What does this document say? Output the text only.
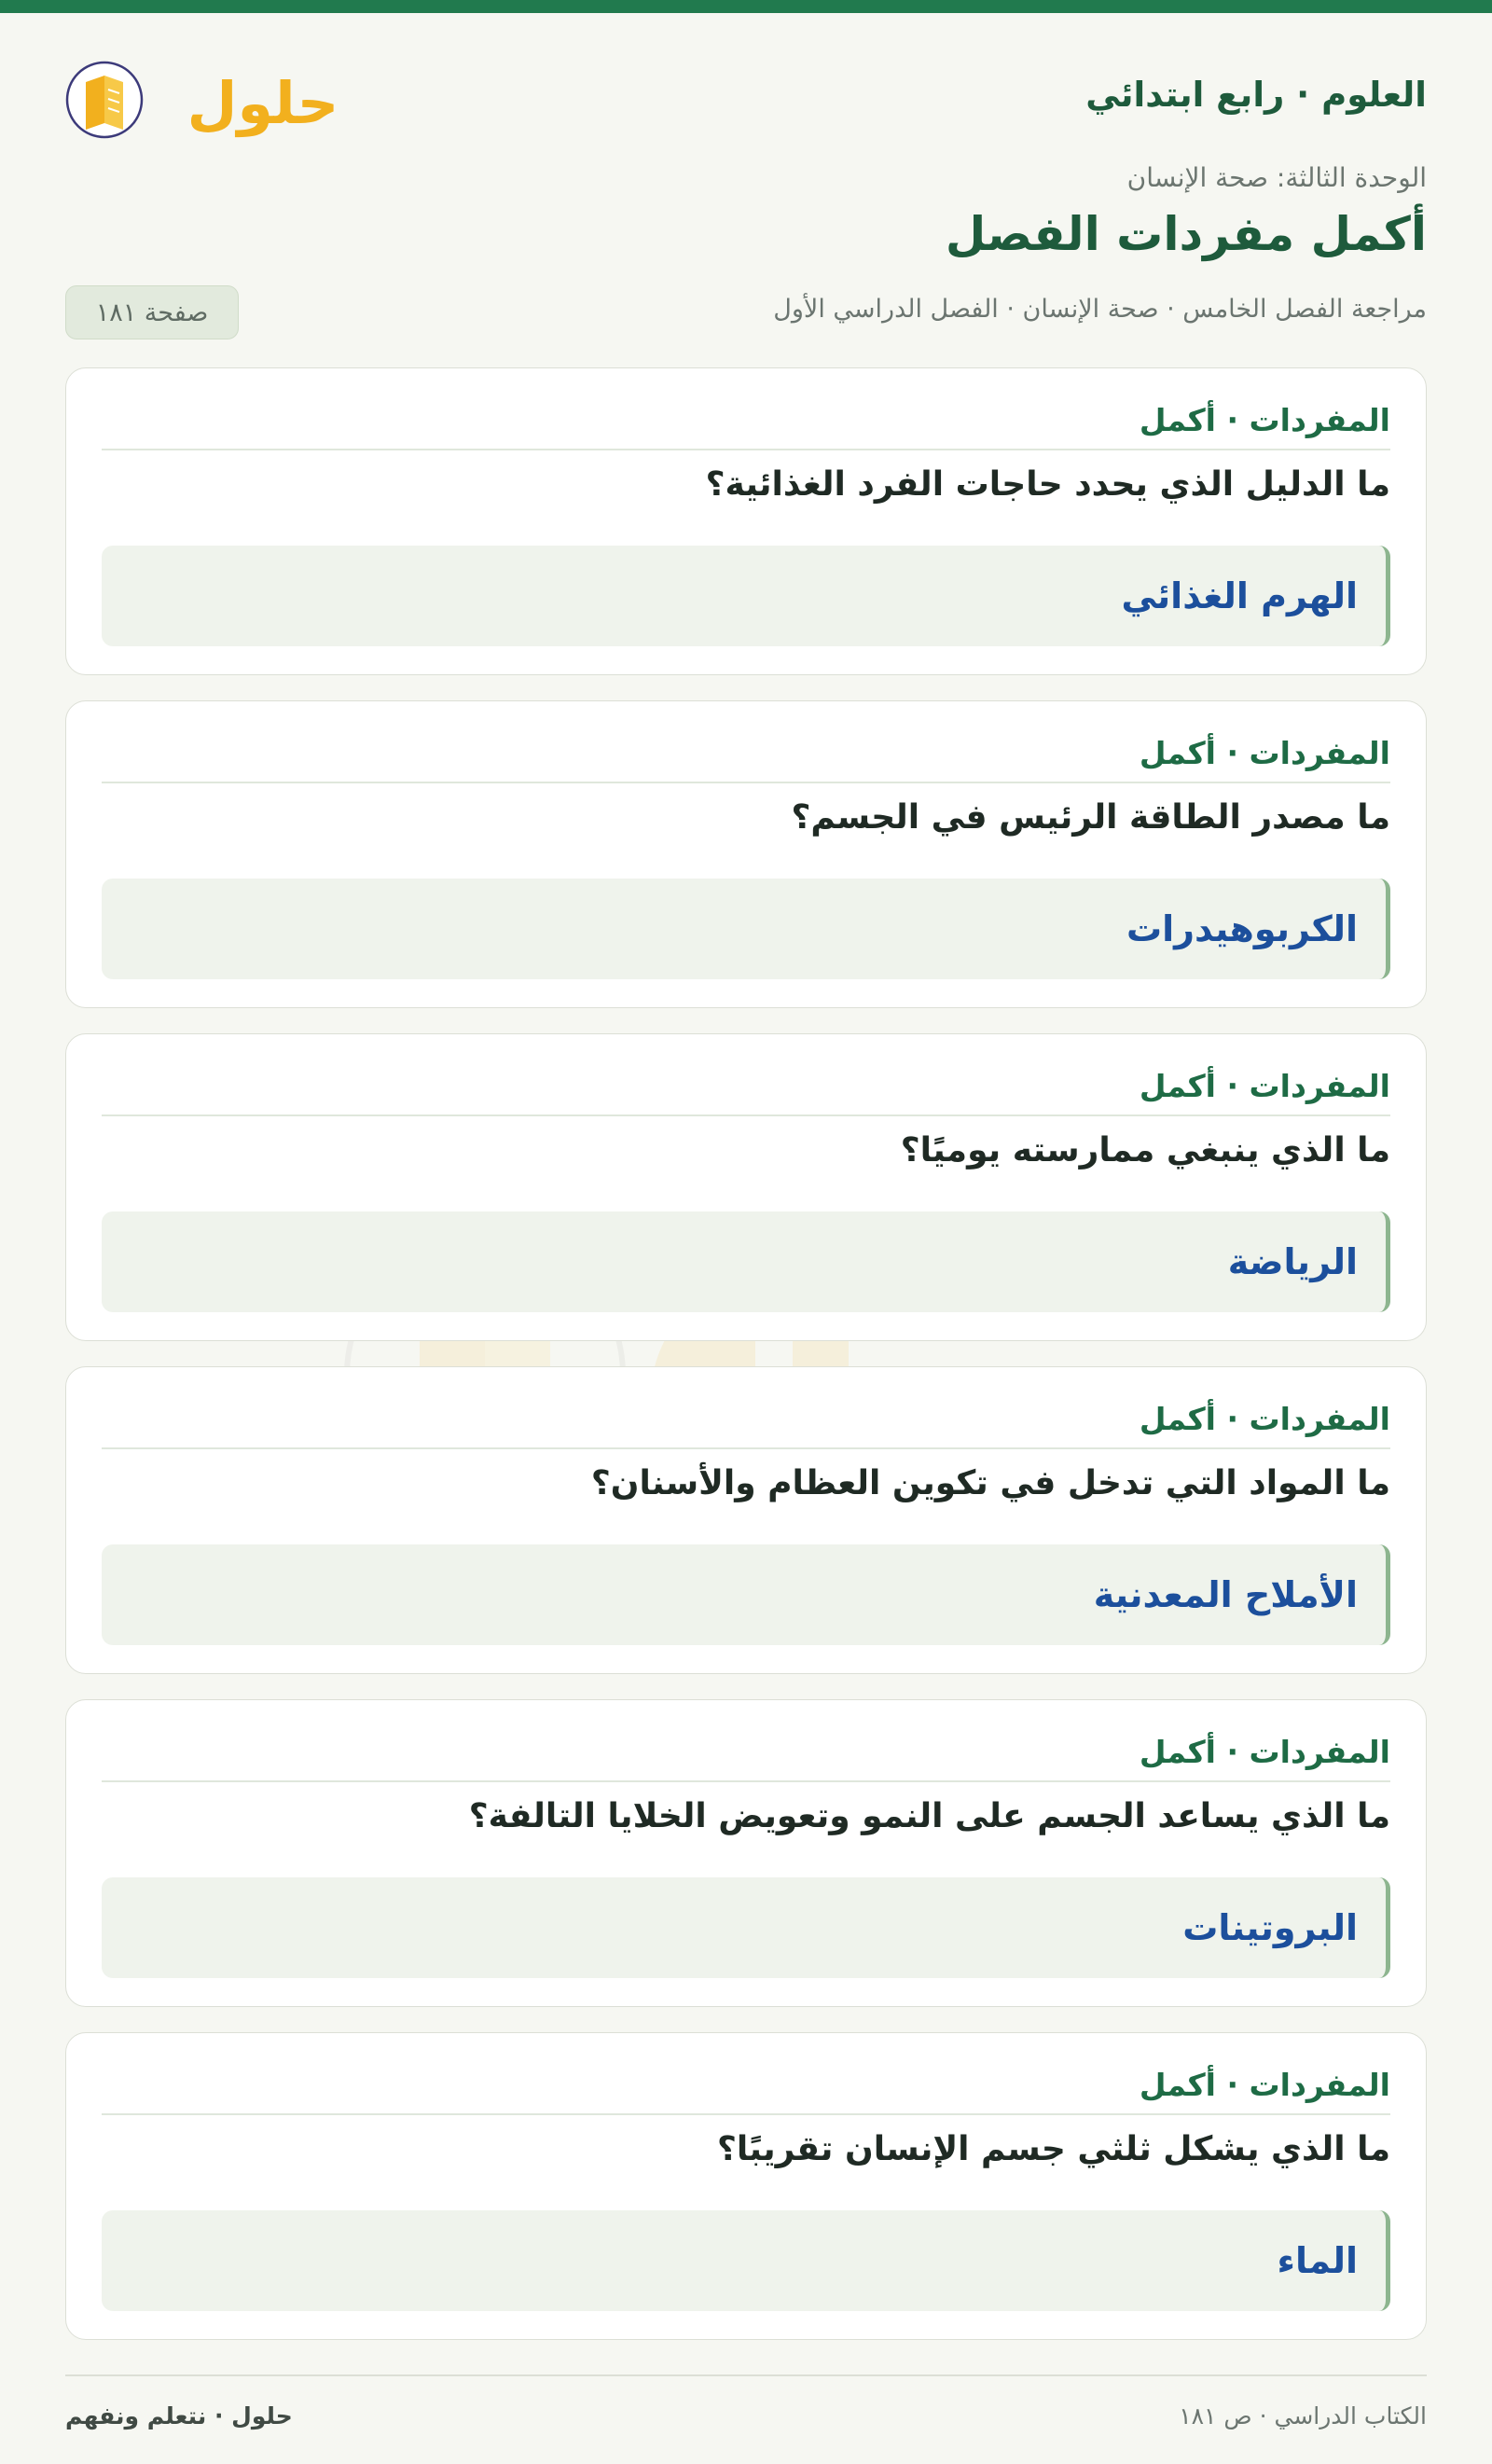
العلوم · رابع ابتدائي
حلول
الوحدة الثالثة: صحة الإنسان
أكمل مفردات الفصل
مراجعة الفصل الخامس · صحة الإنسان · الفصل الدراسي الأول
صفحة ١٨١
المفردات · أكمل
ما الدليل الذي يحدد حاجات الفرد الغذائية؟
الهرم الغذائي
المفردات · أكمل
ما مصدر الطاقة الرئيس في الجسم؟
الكربوهيدرات
المفردات · أكمل
ما الذي ينبغي ممارسته يوميًا؟
الرياضة
المفردات · أكمل
ما المواد التي تدخل في تكوين العظام والأسنان؟
الأملاح المعدنية
المفردات · أكمل
ما الذي يساعد الجسم على النمو وتعويض الخلايا التالفة؟
البروتينات
المفردات · أكمل
ما الذي يشكل ثلثي جسم الإنسان تقريبًا؟
الماء
حلول · نتعلم ونفهم	الكتاب الدراسي · ص ١٨١
